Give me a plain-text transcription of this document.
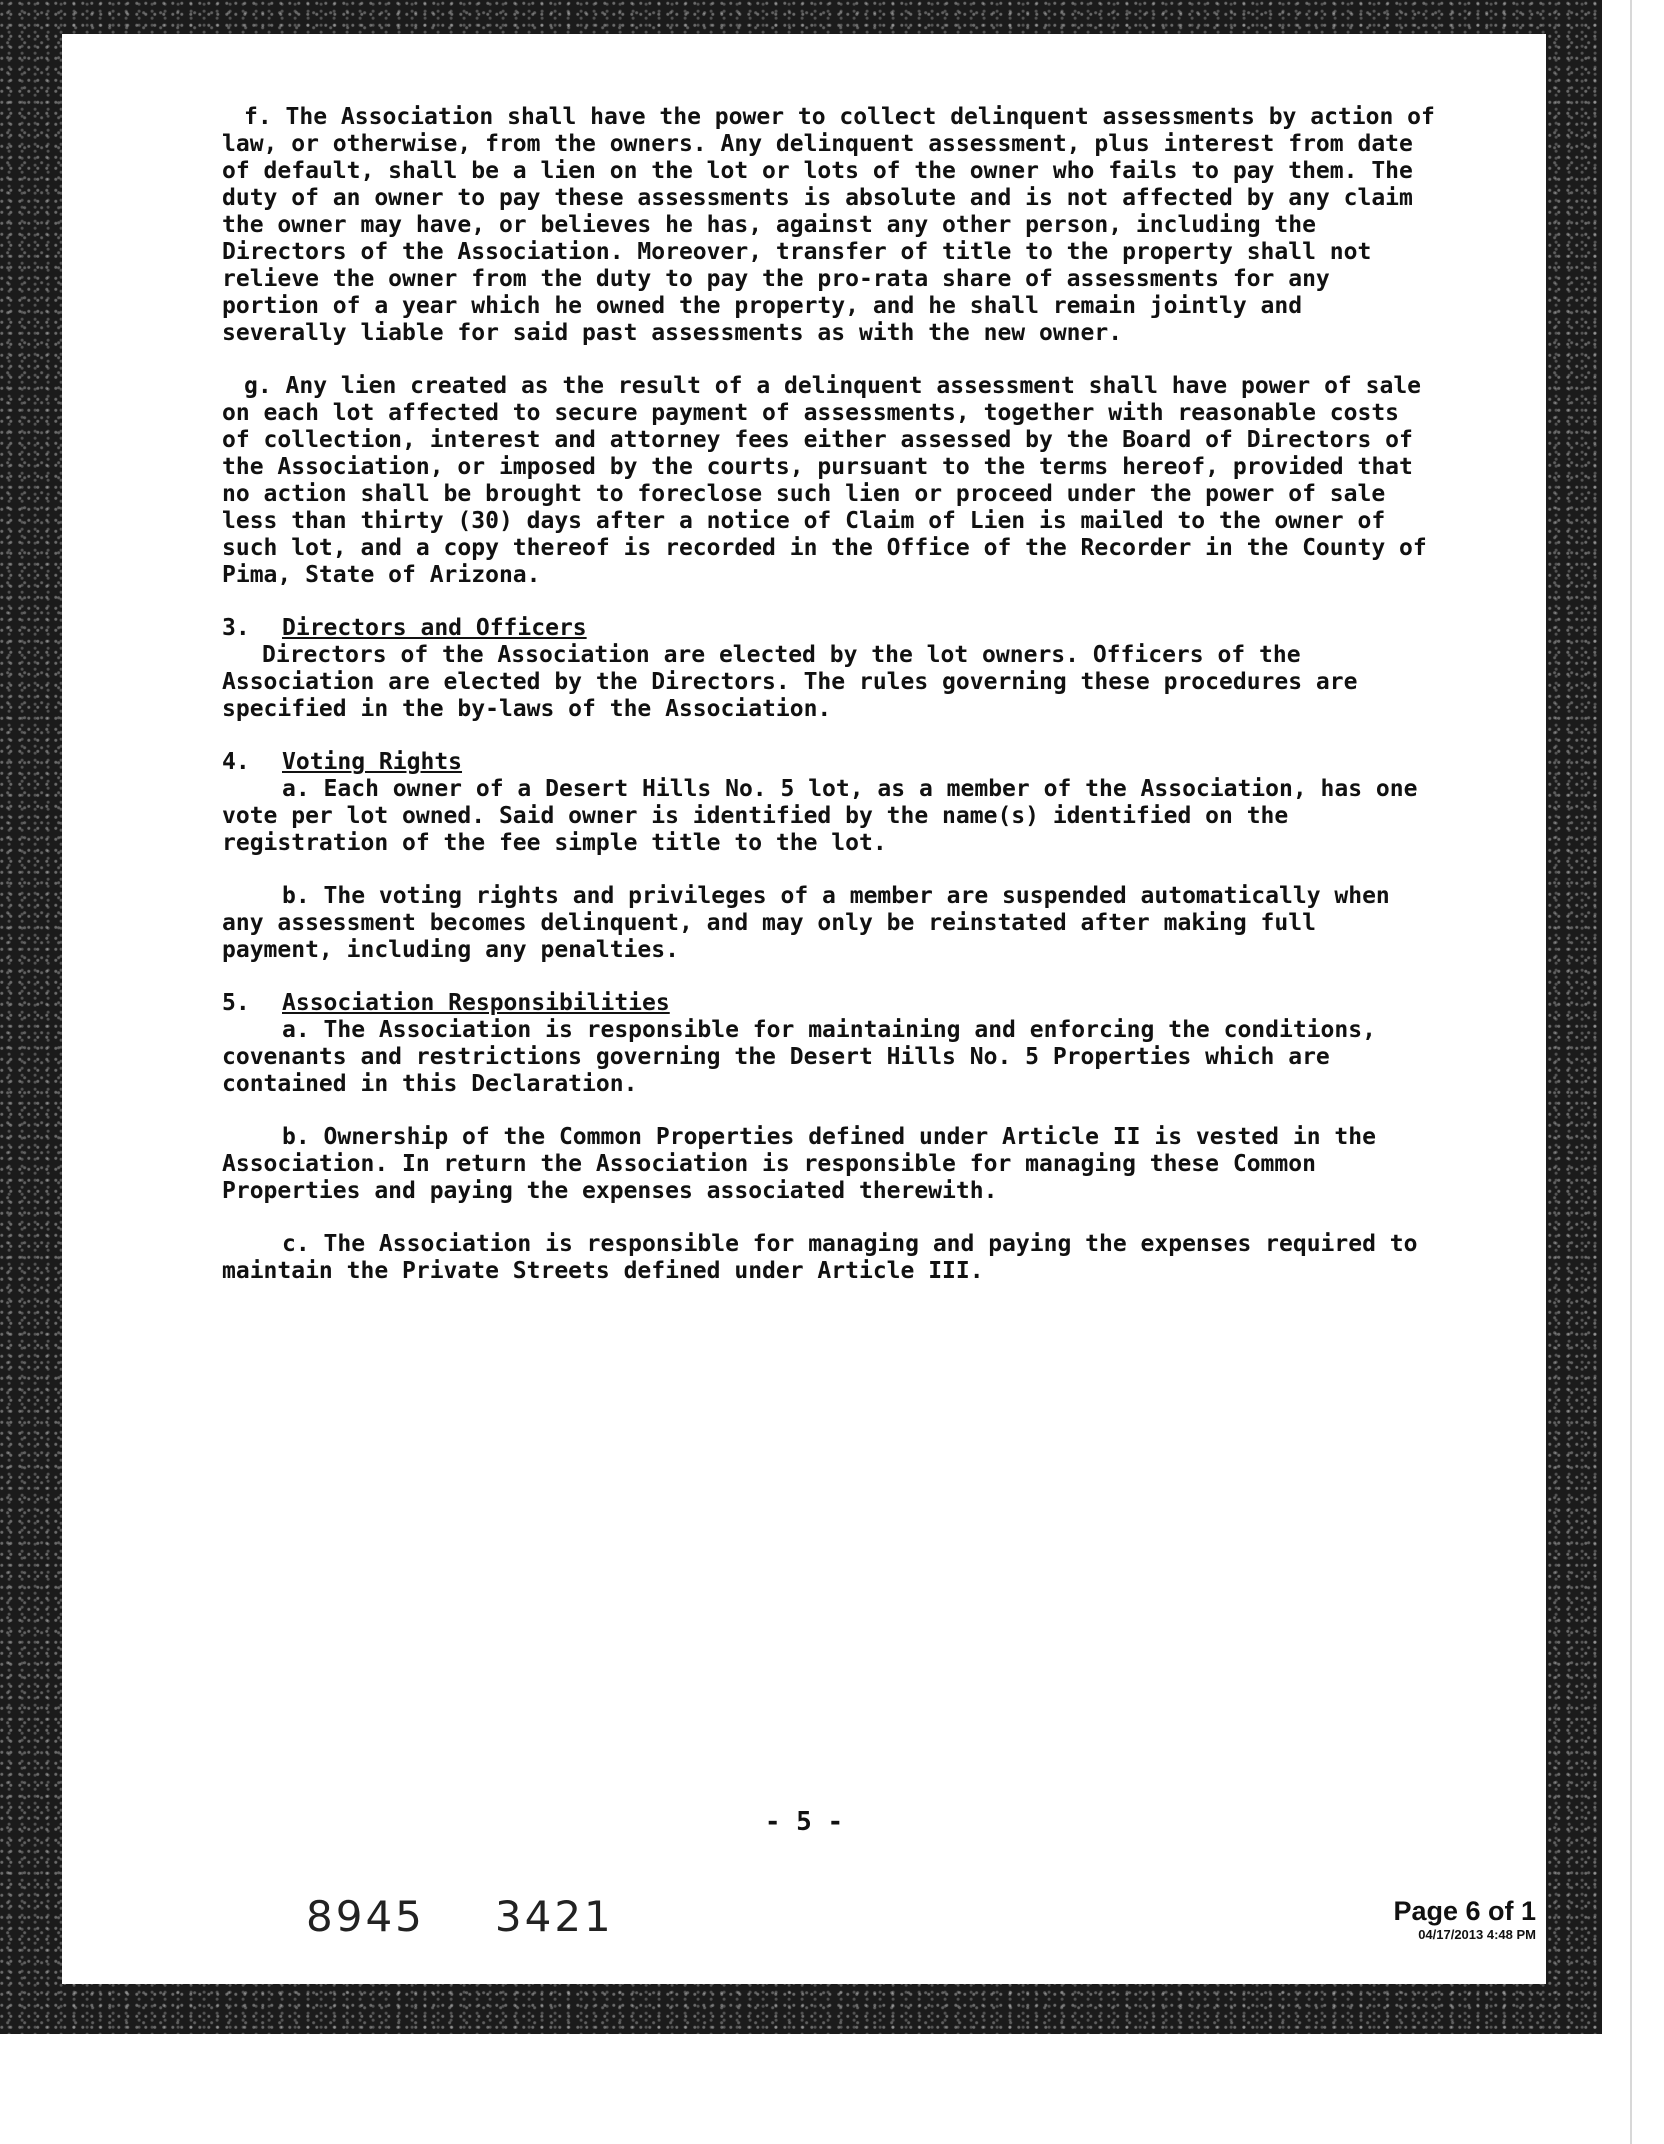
f. The Association shall have the power to collect delinquent assessments by action of law, or otherwise, from the owners. Any delinquent assessment, plus interest from date of default, shall be a lien on the lot or lots of the owner who fails to pay them. The duty of an owner to pay these assessments is absolute and is not affected by any claim the owner may have, or believes he has, against any other person, including the Directors of the Association. Moreover, transfer of title to the property shall not relieve the owner from the duty to pay the pro-rata share of assessments for any portion of a year which he owned the property, and he shall remain jointly and severally liable for said past assessments as with the new owner.

g. Any lien created as the result of a delinquent assessment shall have power of sale on each lot affected to secure payment of assessments, together with reasonable costs of collection, interest and attorney fees either assessed by the Board of Directors of the Association, or imposed by the courts, pursuant to the terms hereof, provided that no action shall be brought to foreclose such lien or proceed under the power of sale less than thirty (30) days after a notice of Claim of Lien is mailed to the owner of such lot, and a copy thereof is recorded in the Office of the Recorder in the County of Pima, State of Arizona.

3. Directors and Officers

Directors of the Association are elected by the lot owners. Officers of the Association are elected by the Directors. The rules governing these procedures are specified in the by-laws of the Association.

4. Voting Rights

a. Each owner of a Desert Hills No. 5 lot, as a member of the Association, has one vote per lot owned. Said owner is identified by the name(s) identified on the registration of the fee simple title to the lot.

b. The voting rights and privileges of a member are suspended automatically when any assessment becomes delinquent, and may only be reinstated after making full payment, including any penalties.

5. Association Responsibilities

a. The Association is responsible for maintaining and enforcing the conditions, covenants and restrictions governing the Desert Hills No. 5 Properties which are contained in this Declaration.

b. Ownership of the Common Properties defined under Article II is vested in the Association. In return the Association is responsible for managing these Common Properties and paying the expenses associated therewith.

c. The Association is responsible for managing and paying the expenses required to maintain the Private Streets defined under Article III.

- 5 -
8945 3421	Page 6 of 1
04/17/2013 4:48 PM
